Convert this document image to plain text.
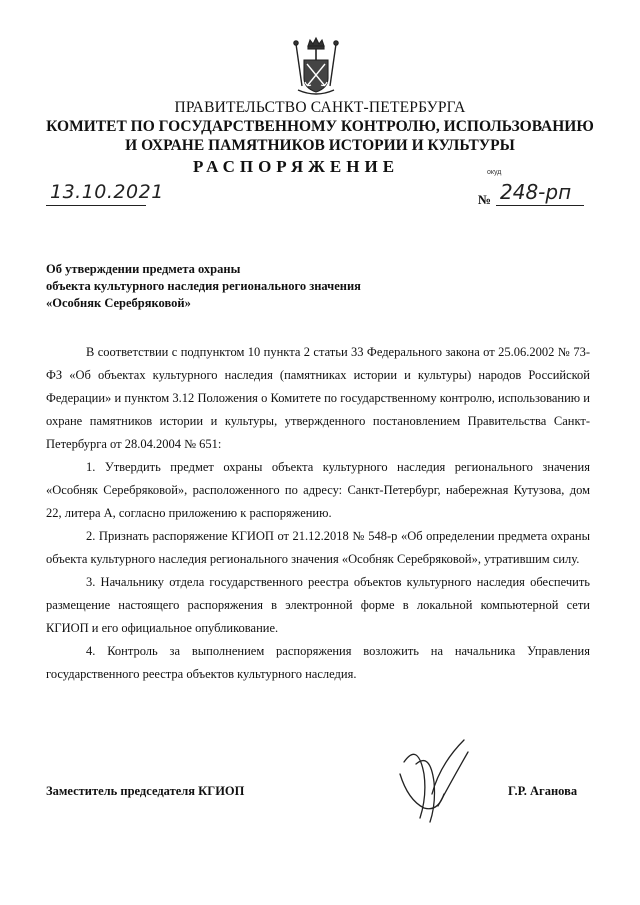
ПРАВИТЕЛЬСТВО САНКТ-ПЕТЕРБУРГА
КОМИТЕТ ПО ГОСУДАРСТВЕННОМУ КОНТРОЛЮ, ИСПОЛЬЗОВАНИЮ
И ОХРАНЕ ПАМЯТНИКОВ ИСТОРИИ И КУЛЬТУРЫ
РАСПОРЯЖЕНИЕ	окуд
13.10.2021	№ 248-рп
Об утверждении предмета охраны
объекта культурного наследия регионального значения
«Особняк Серебряковой»

В соответствии с подпунктом 10 пункта 2 статьи 33 Федерального закона от 25.06.2002 № 73-ФЗ «Об объектах культурного наследия (памятниках истории и культуры) народов Российской Федерации» и пунктом 3.12 Положения о Комитете по государственному контролю, использованию и охране памятников истории и культуры, утвержденного постановлением Правительства Санкт-Петербурга от 28.04.2004 № 651:

1. Утвердить предмет охраны объекта культурного наследия регионального значения «Особняк Серебряковой», расположенного по адресу: Санкт-Петербург, набережная Кутузова, дом 22, литера А, согласно приложению к распоряжению.

2. Признать распоряжение КГИОП от 21.12.2018 № 548-р «Об определении предмета охраны объекта культурного наследия регионального значения «Особняк Серебряковой», утратившим силу.

3. Начальнику отдела государственного реестра объектов культурного наследия обеспечить размещение настоящего распоряжения в электронной форме в локальной компьютерной сети КГИОП и его официальное опубликование.

4. Контроль за выполнением распоряжения возложить на начальника Управления государственного реестра объектов культурного наследия.

Заместитель председателя КГИОП	Г.Р. Аганова
